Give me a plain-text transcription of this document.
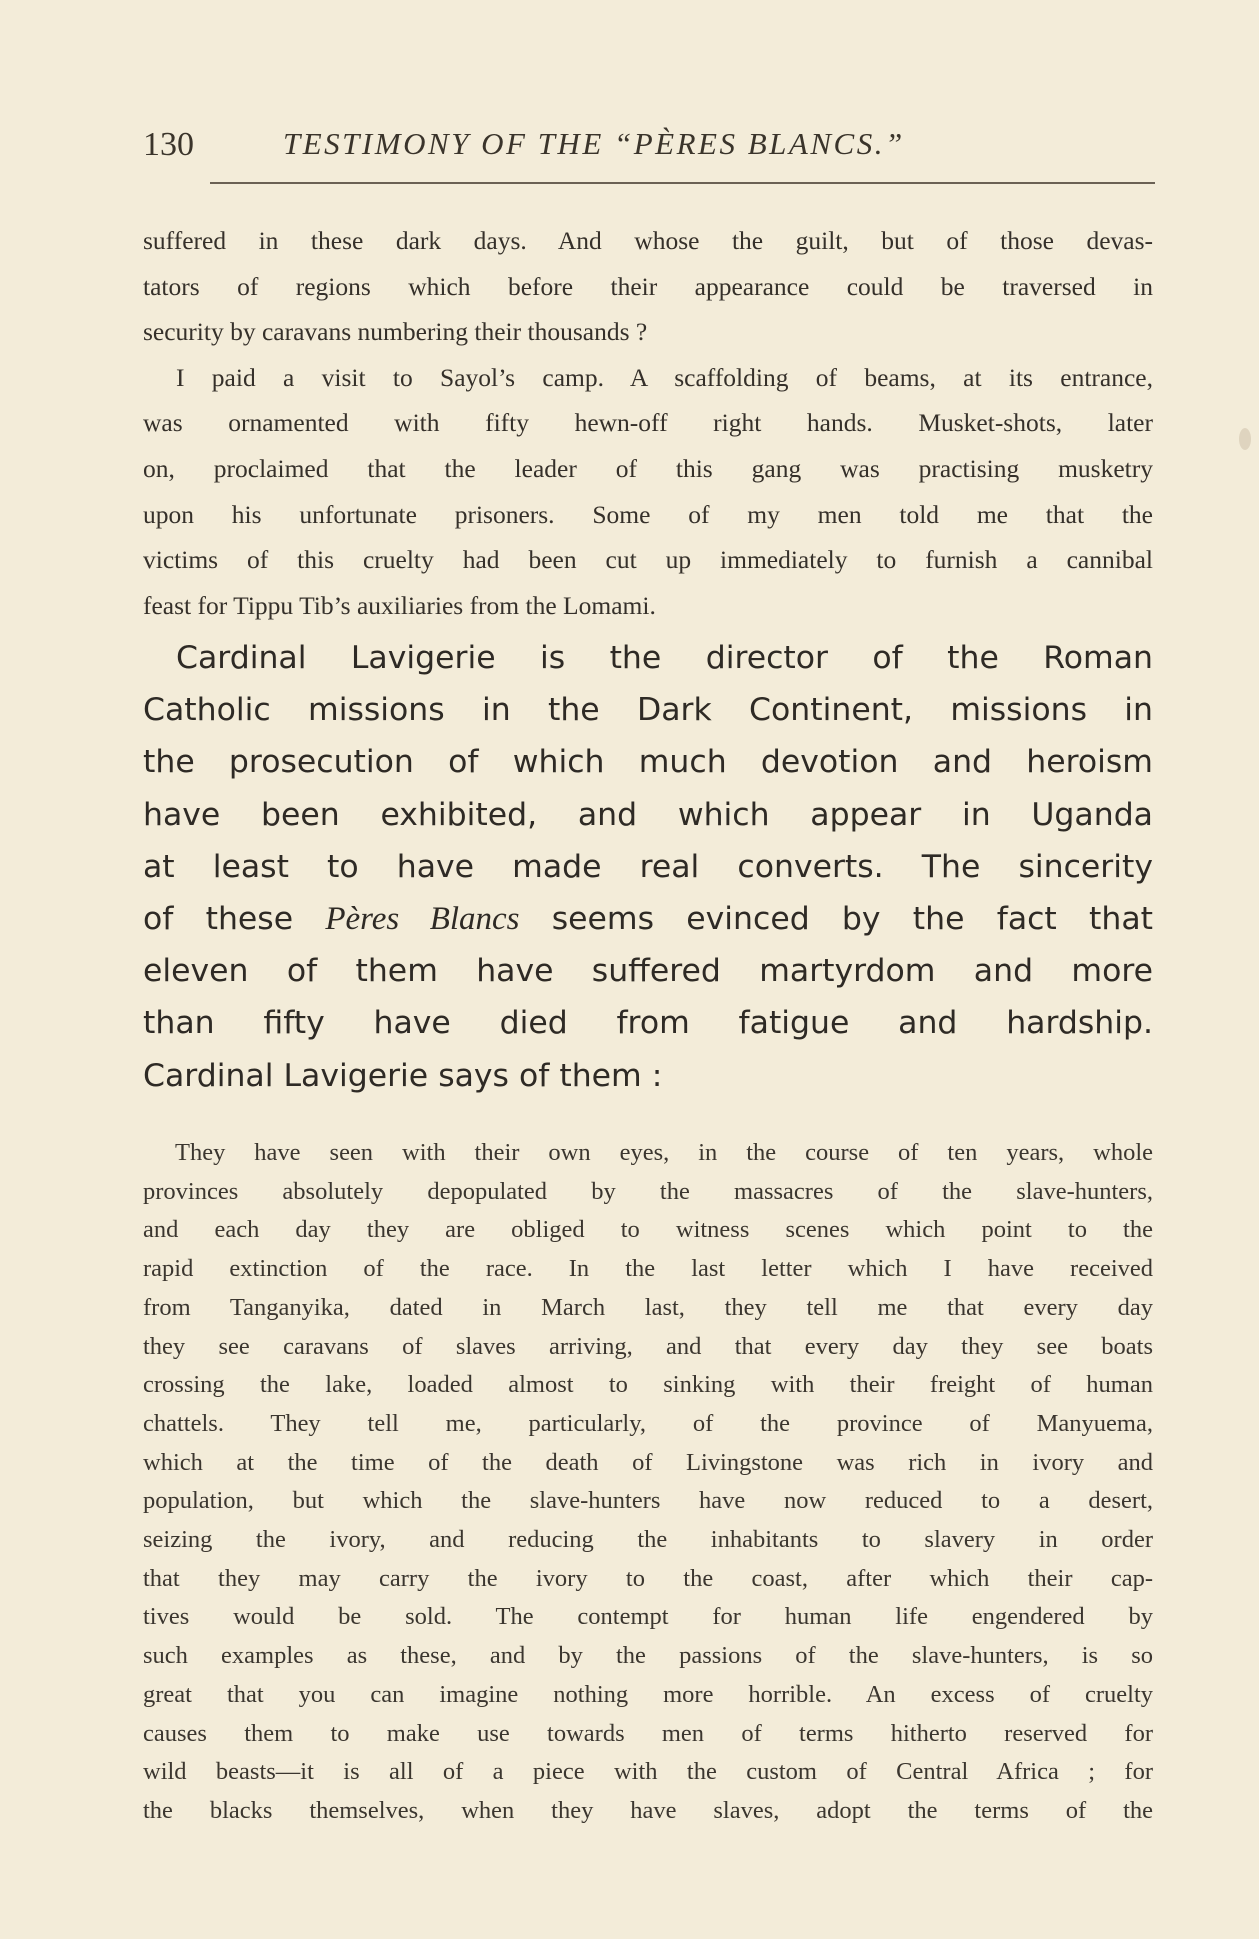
130	TESTIMONY OF THE “PÈRES BLANCS.”
suffered in these dark days. And whose the guilt, but of those devas-
tators of regions which before their appearance could be traversed in
security by caravans numbering their thousands ?
I paid a visit to Sayol’s camp. A scaffolding of beams, at its entrance,
was ornamented with fifty hewn-off right hands. Musket-shots, later
on, proclaimed that the leader of this gang was practising musketry
upon his unfortunate prisoners. Some of my men told me that the
victims of this cruelty had been cut up immediately to furnish a cannibal
feast for Tippu Tib’s auxiliaries from the Lomami.
Cardinal Lavigerie is the director of the Roman
Catholic missions in the Dark Continent, missions in
the prosecution of which much devotion and heroism
have been exhibited, and which appear in Uganda
at least to have made real converts. The sincerity
of these Pères Blancs seems evinced by the fact that
eleven of them have suffered martyrdom and more
than fifty have died from fatigue and hardship.
Cardinal Lavigerie says of them :
They have seen with their own eyes, in the course of ten years, whole
provinces absolutely depopulated by the massacres of the slave-hunters,
and each day they are obliged to witness scenes which point to the
rapid extinction of the race. In the last letter which I have received
from Tanganyika, dated in March last, they tell me that every day
they see caravans of slaves arriving, and that every day they see boats
crossing the lake, loaded almost to sinking with their freight of human
chattels. They tell me, particularly, of the province of Manyuema,
which at the time of the death of Livingstone was rich in ivory and
population, but which the slave-hunters have now reduced to a desert,
seizing the ivory, and reducing the inhabitants to slavery in order
that they may carry the ivory to the coast, after which their cap-
tives would be sold. The contempt for human life engendered by
such examples as these, and by the passions of the slave-hunters, is so
great that you can imagine nothing more horrible. An excess of cruelty
causes them to make use towards men of terms hitherto reserved for
wild beasts—it is all of a piece with the custom of Central Africa ; for
the blacks themselves, when they have slaves, adopt the terms of the
